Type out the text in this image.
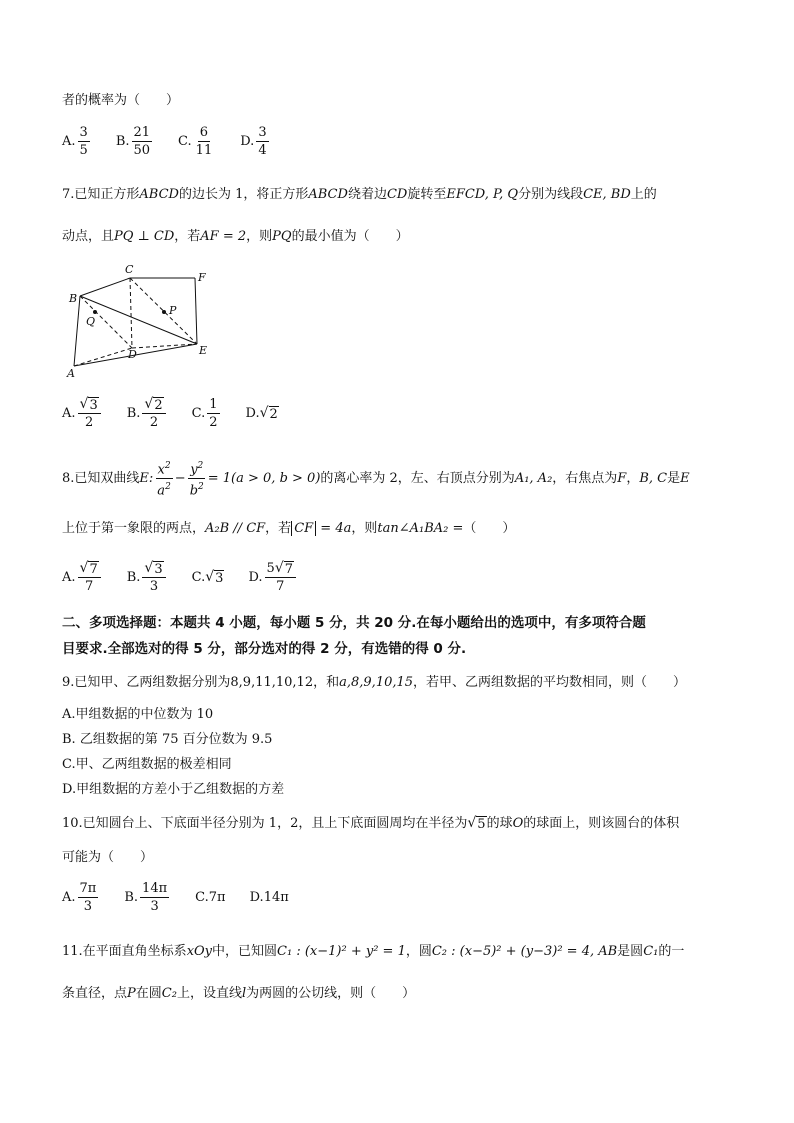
者的概率为（　　）
A. $\frac{3}{5} B$. $\frac{21}{50} C$. $\frac{6}{11} D$. $\frac{3}{4}$
7.已知正方形ABCD的边长为 1，将正方形ABCD绕着边CD旋转至EFCD, P, Q分别为线段CE, BD上的
动点，且PQ ⊥ CD，若AF = 2，则PQ的最小值为（　　）
B
C
F
Q
P
D	E
A
A. $\frac{√ 3}{2} B$. $\frac{√ 2}{2} C$. $\frac{1}{2} D$. √ 2
8.已知双曲线 E : $\frac{x^2}{a^2} - \frac{y^2}{b^2} = 1(a > 0$, b > 0) 的离心率为 2，左、右顶点分别为 A₁, A₂ ，右焦点为 F ， B, C 是 E
上位于第一象限的两点，A₂B // CF，若 CF = 4a，则tan∠A₁BA₂ =（　　）
A. $\frac{√ 7}{7} B$. $\frac{√ 3}{3} C$. √ 3 D. $\frac{5 √ 7}{7}$
二、多项选择题：本题共 4 小题，每小题 5 分，共 20 分.在每小题给出的选项中，有多项符合题
目要求.全部选对的得 5 分，部分选对的得 2 分，有选错的得 0 分.
9.已知甲、乙两组数据分别为8,9,11,10,12，和a,8,9,10,15，若甲、乙两组数据的平均数相同，则（　　）
A.甲组数据的中位数为 10
B. 乙组数据的第 75 百分位数为 9.5
C.甲、乙两组数据的极差相同
D.甲组数据的方差小于乙组数据的方差
10.已知圆台上、下底面半径分别为 1，2，且上下底面圆周均在半径为 √ 5 的球O的球面上，则该圆台的体积
可能为（　　）
A. $\frac{7\pi}{3} B$. $\frac{14\pi}{3} C$. 7π D. 14π
11.在平面直角坐标系xOy中，已知圆C₁ : (x−1)² + y² = 1，圆C₂ : (x−5)² + (y−3)² = 4, AB是圆C₁的一
条直径，点P在圆C₂上，设直线l为两圆的公切线，则（　　）
